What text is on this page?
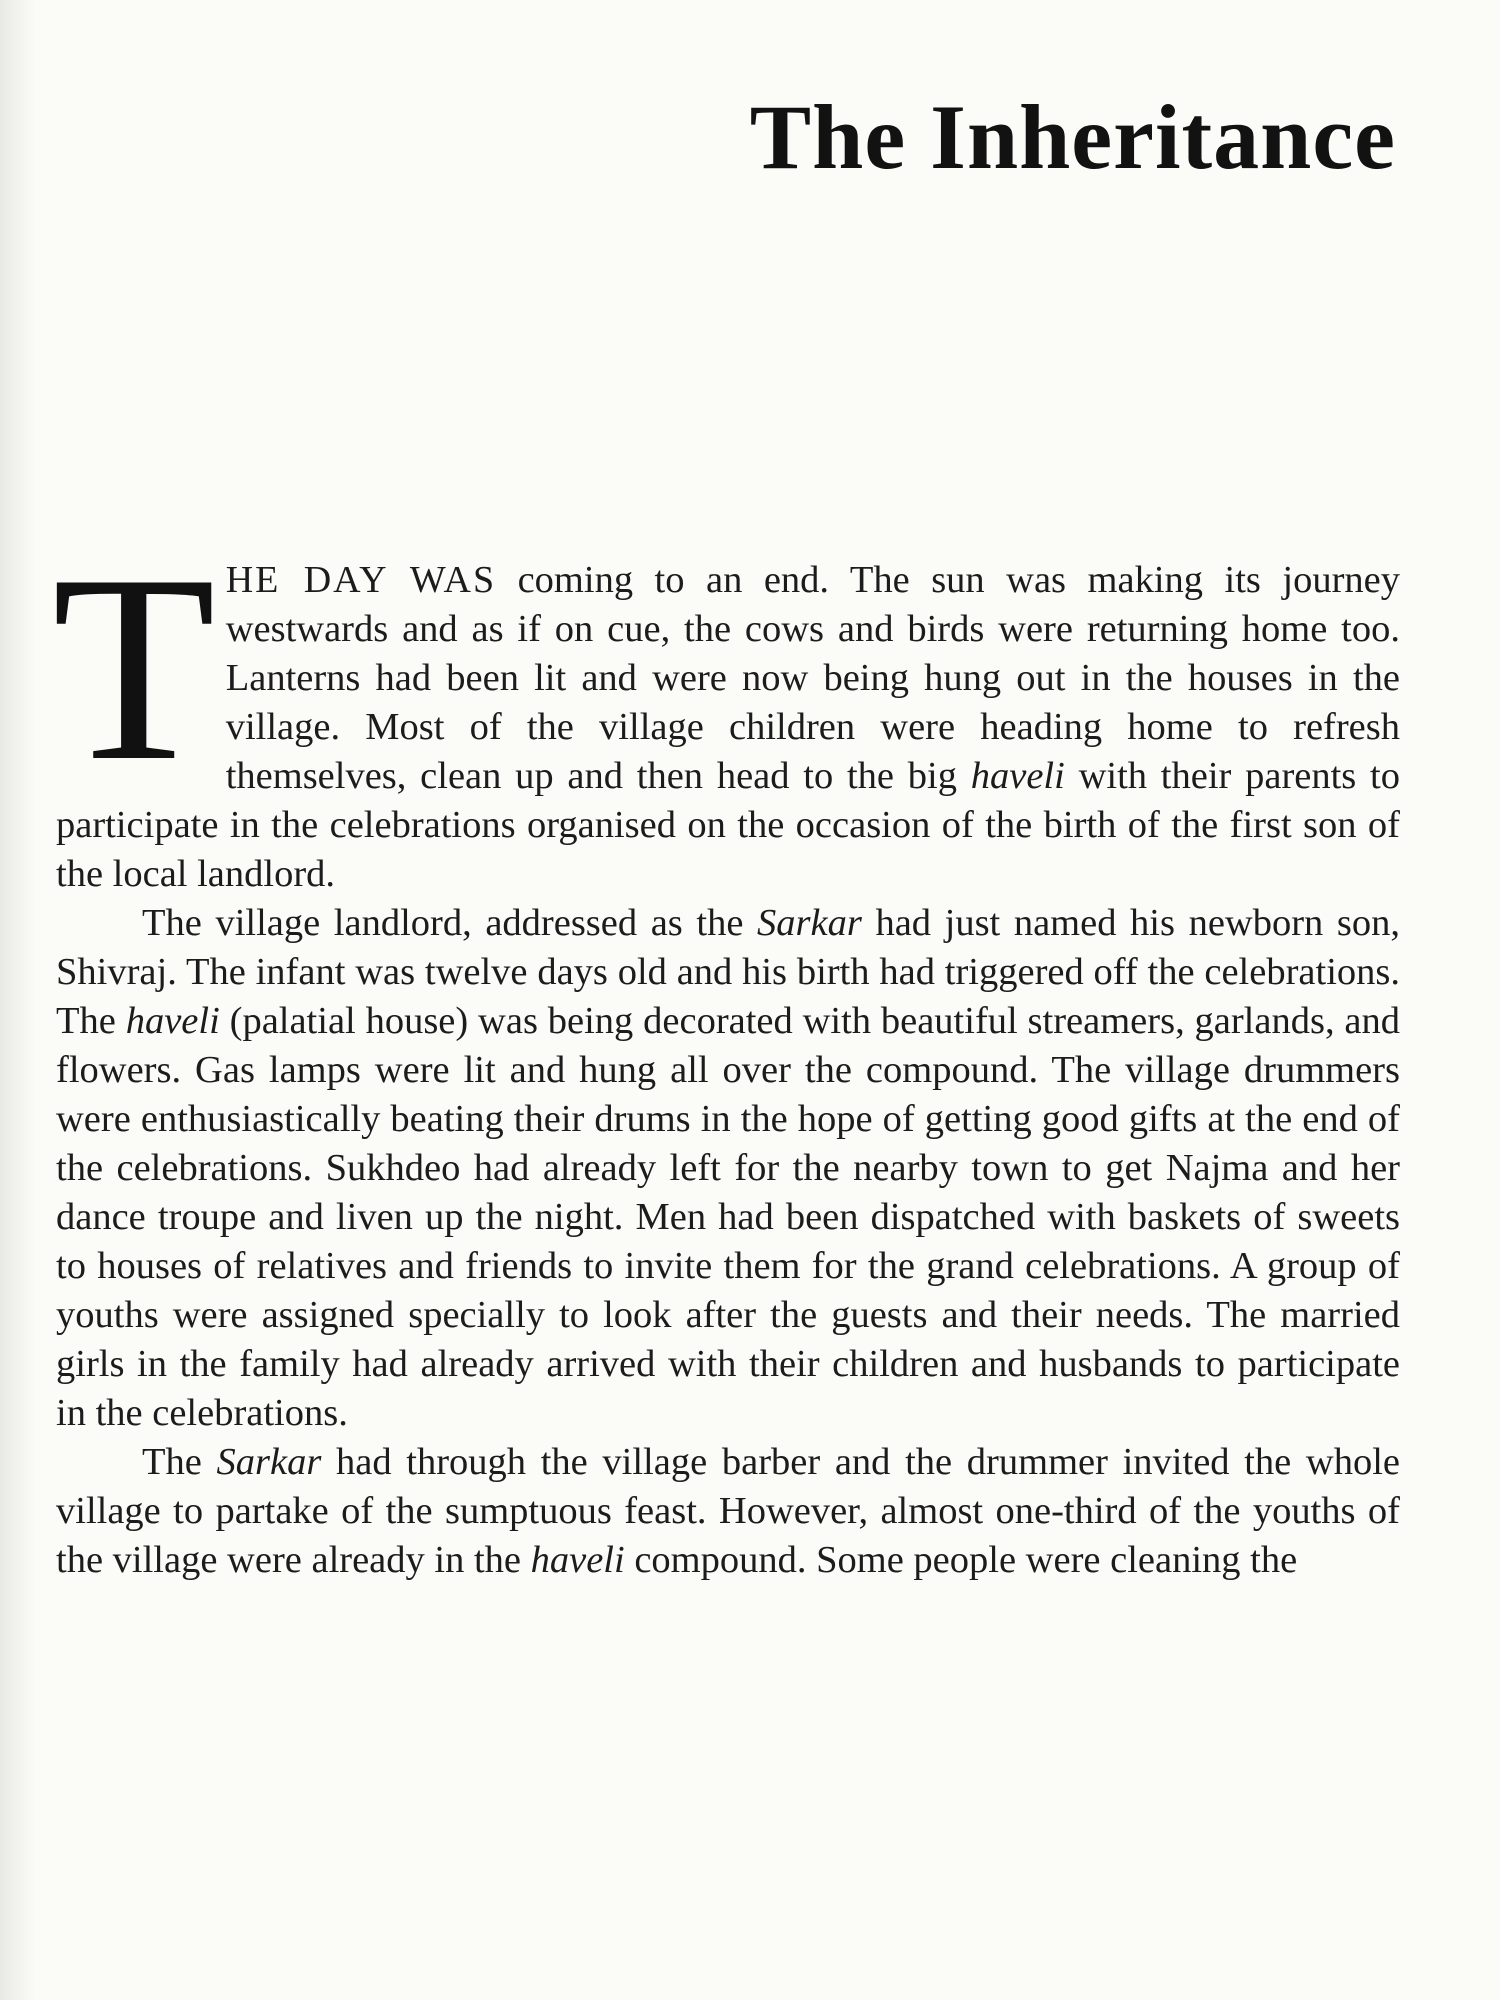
The Inheritance

THE DAY WAS coming to an end. The sun was making its journey westwards and as if on cue, the cows and birds were returning home too. Lanterns had been lit and were now being hung out in the houses in the village. Most of the village children were heading home to refresh themselves, clean up and then head to the big haveli with their parents to participate in the celebrations organised on the occasion of the birth of the first son of the local landlord.

The village landlord, addressed as the Sarkar had just named his newborn son, Shivraj. The infant was twelve days old and his birth had triggered off the celebrations. The haveli (palatial house) was being decorated with beautiful streamers, garlands, and flowers. Gas lamps were lit and hung all over the compound. The village drummers were enthusiastically beating their drums in the hope of getting good gifts at the end of the celebrations. Sukhdeo had already left for the nearby town to get Najma and her dance troupe and liven up the night. Men had been dispatched with baskets of sweets to houses of relatives and friends to invite them for the grand celebrations. A group of youths were assigned specially to look after the guests and their needs. The married girls in the family had already arrived with their children and husbands to participate in the celebrations.

The Sarkar had through the village barber and the drummer invited the whole village to partake of the sumptuous feast. However, almost one-third of the youths of the village were already in the haveli compound. Some people were cleaning the
